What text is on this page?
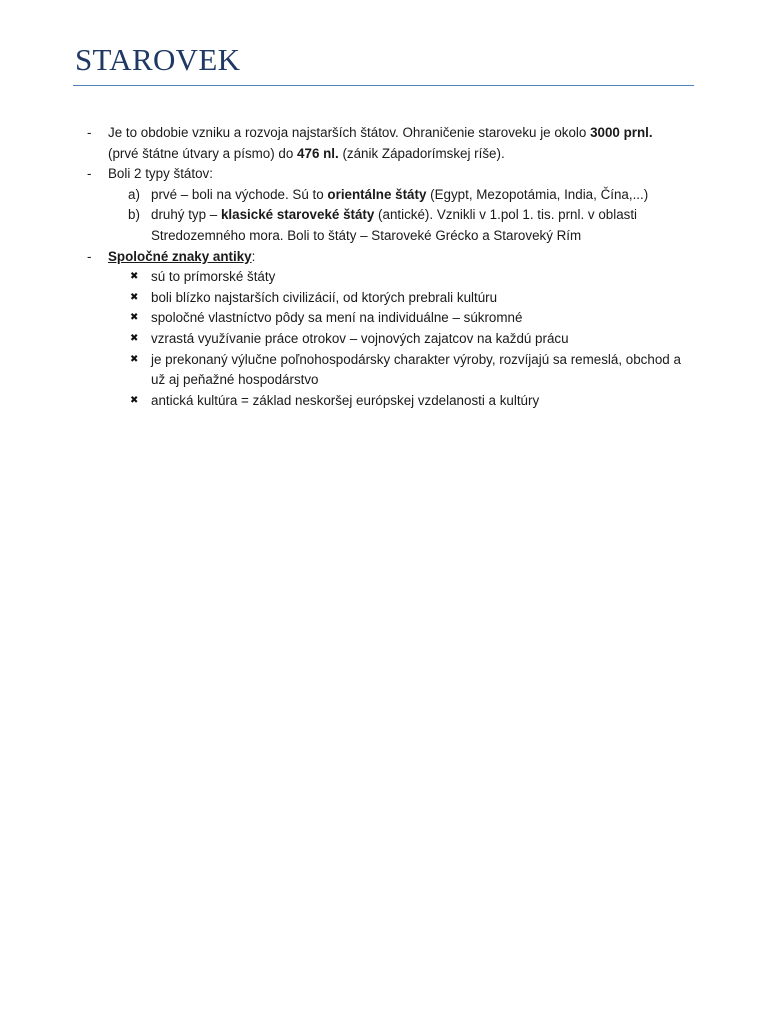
STAROVEK
- Je to obdobie vzniku a rozvoja najstarších štátov. Ohraničenie staroveku je okolo 3000 prnl. (prvé štátne útvary a písmo) do 476 nl. (zánik Západorímskej ríše).
- Boli 2 typy štátov:
a) prvé – boli na východe. Sú to orientálne štáty (Egypt, Mezopotámia, India, Čína,...)
b) druhý typ – klasické staroveké štáty (antické). Vznikli v 1.pol 1. tis. prnl. v oblasti Stredozemného mora. Boli to štáty – Staroveké Grécko a Staroveký Rím
- Spoločné znaky antiky:
✖ sú to prímorské štáty
✖ boli blízko najstarších civilizácií, od ktorých prebrali kultúru
✖ spoločné vlastníctvo pôdy sa mení na individuálne – súkromné
✖ vzrastá využívanie práce otrokov – vojnových zajatcov na každú prácu
✖ je prekonaný výlučne poľnohospodársky charakter výroby, rozvíjajú sa remeslá, obchod a už aj peňažné hospodárstvo
✖ antická kultúra = základ neskoršej európskej vzdelanosti a kultúry
